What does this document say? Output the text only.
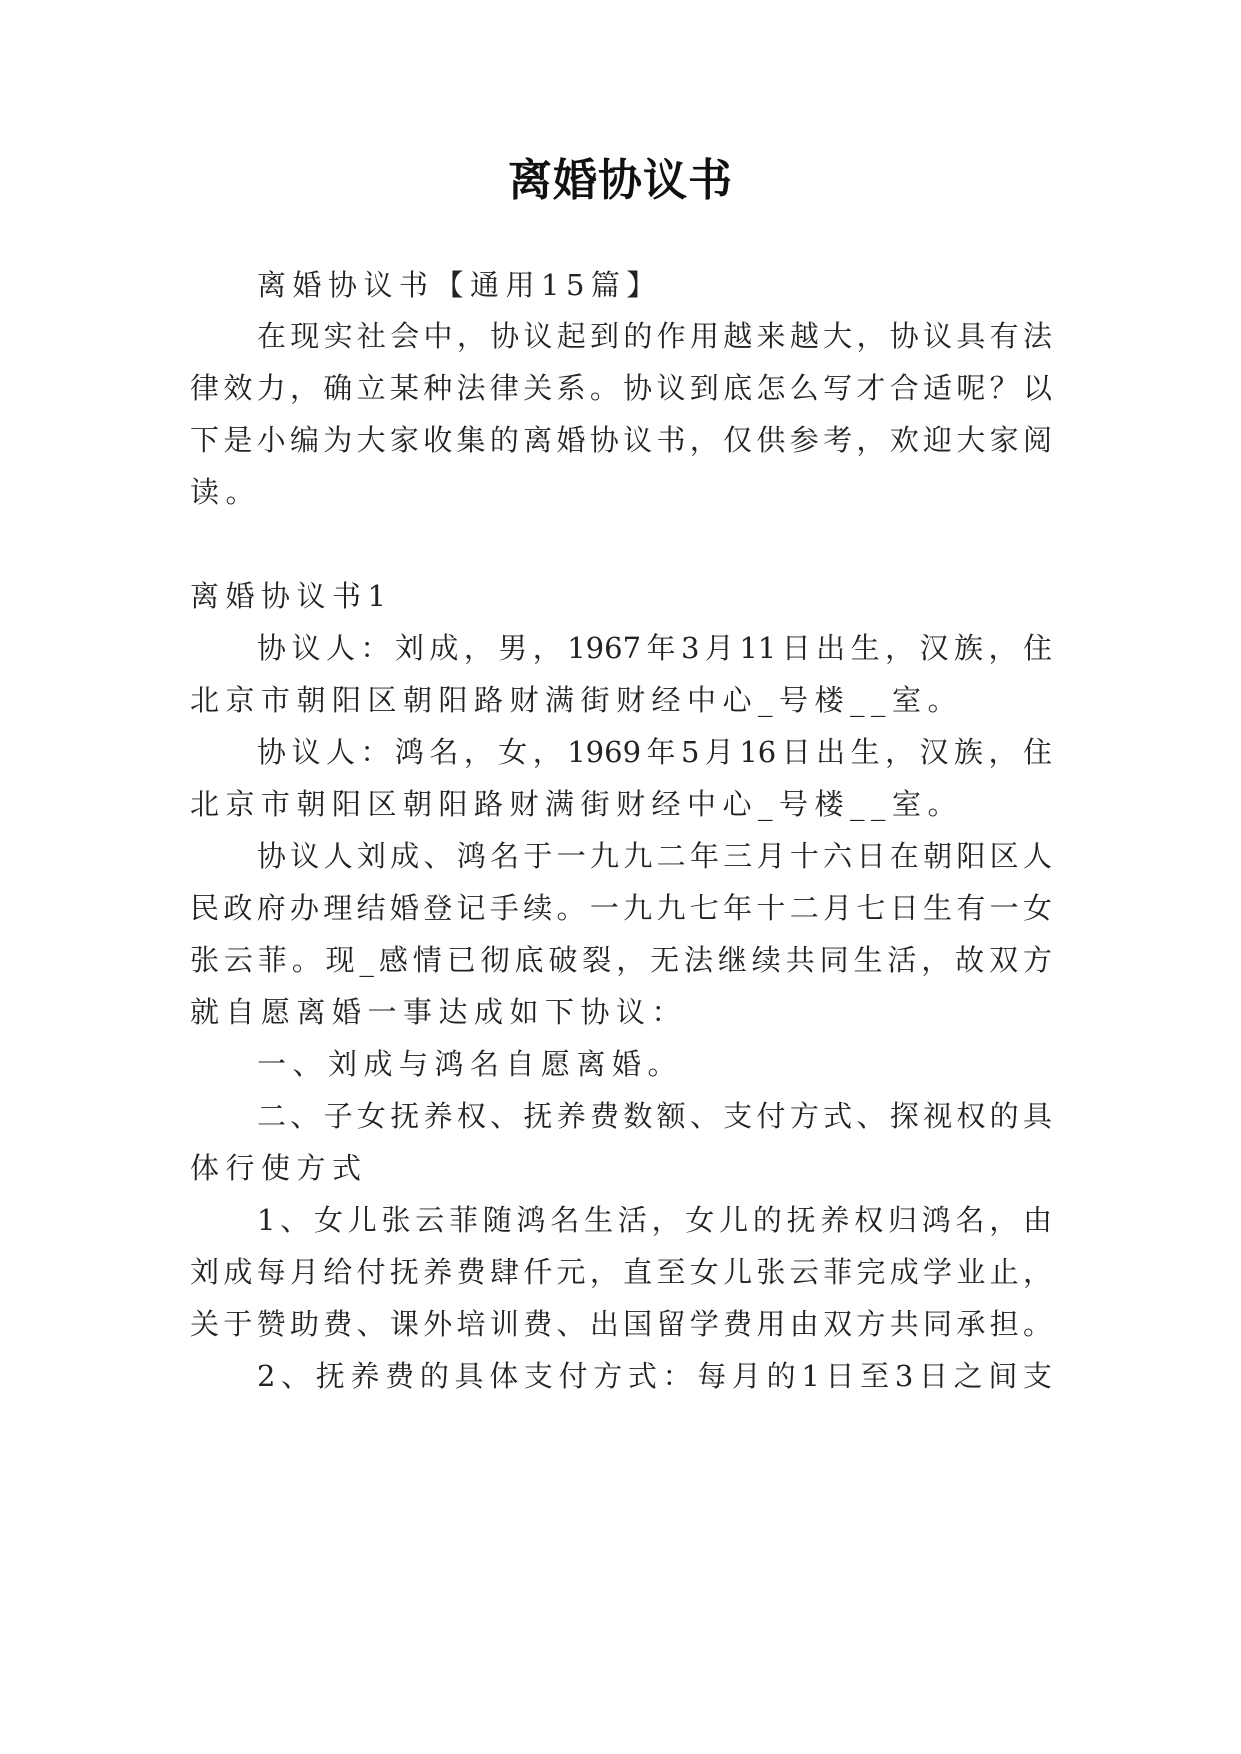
离婚协议书
离婚协议书【通用15篇】
在现实社会中，协议起到的作用越来越大，协议具有法
律效力，确立某种法律关系。协议到底怎么写才合适呢？以
下是小编为大家收集的离婚协议书，仅供参考，欢迎大家阅
读。
离婚协议书1
协议人：刘成，男，1967年3月11日出生，汉族，住
北京市朝阳区朝阳路财满街财经中心_号楼__室。
协议人：鸿名，女，1969年5月16日出生，汉族，住
北京市朝阳区朝阳路财满街财经中心_号楼__室。
协议人刘成、鸿名于一九九二年三月十六日在朝阳区人
民政府办理结婚登记手续。一九九七年十二月七日生有一女
张云菲。现_感情已彻底破裂，无法继续共同生活，故双方
就自愿离婚一事达成如下协议：
一、刘成与鸿名自愿离婚。
二、子女抚养权、抚养费数额、支付方式、探视权的具
体行使方式
1、女儿张云菲随鸿名生活，女儿的抚养权归鸿名，由
刘成每月给付抚养费肆仟元，直至女儿张云菲完成学业止，
关于赞助费、课外培训费、出国留学费用由双方共同承担。
2、抚养费的具体支付方式：每月的1日至3日之间支
